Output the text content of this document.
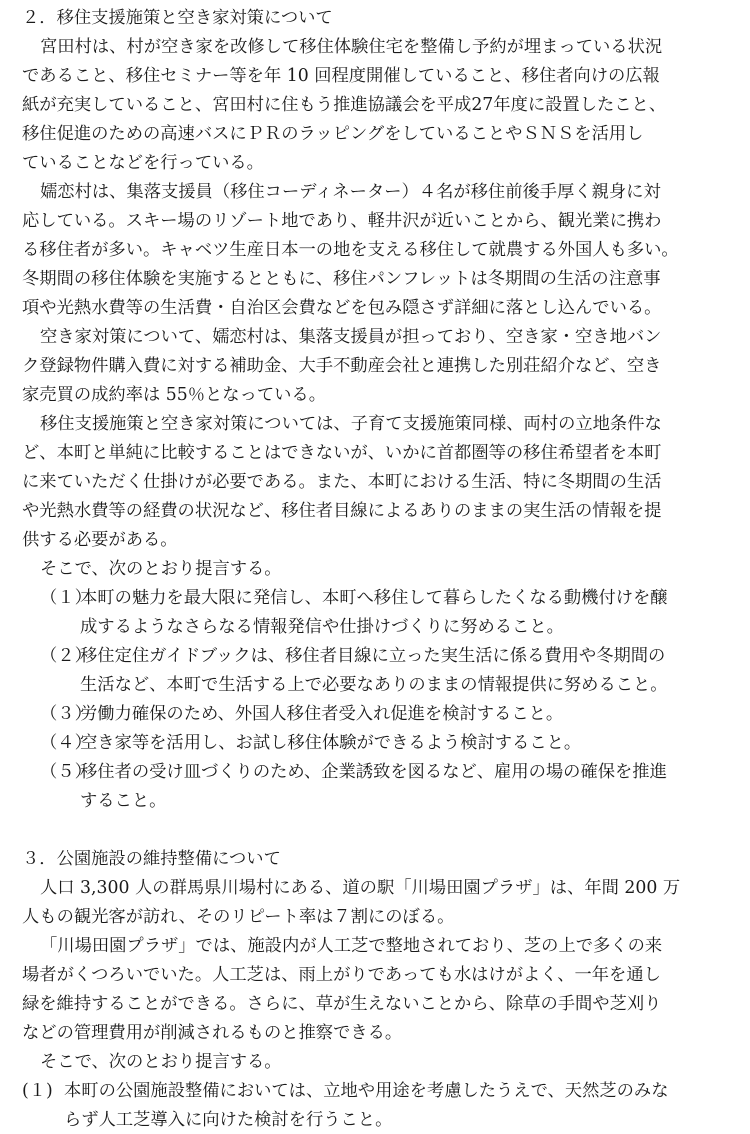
２．移住支援施策と空き家対策について
宮田村は、村が空き家を改修して移住体験住宅を整備し予約が埋まっている状況
であること、移住セミナー等を年 10 回程度開催していること、移住者向けの広報
紙が充実していること、宮田村に住もう推進協議会を平成27年度に設置したこと、
移住促進のための高速バスにＰＲのラッピングをしていることやＳＮＳを活用し
ていることなどを行っている。
嬬恋村は、集落支援員（移住コーディネーター）４名が移住前後手厚く親身に対
応している。スキー場のリゾート地であり、軽井沢が近いことから、観光業に携わ
る移住者が多い。キャベツ生産日本一の地を支える移住して就農する外国人も多い。
冬期間の移住体験を実施するとともに、移住パンフレットは冬期間の生活の注意事
項や光熱水費等の生活費・自治区会費などを包み隠さず詳細に落とし込んでいる。
空き家対策について、嬬恋村は、集落支援員が担っており、空き家・空き地バン
ク登録物件購入費に対する補助金、大手不動産会社と連携した別荘紹介など、空き
家売買の成約率は 55％となっている。
移住支援施策と空き家対策については、子育て支援施策同様、両村の立地条件な
ど、本町と単純に比較することはできないが、いかに首都圏等の移住希望者を本町
に来ていただく仕掛けが必要である。また、本町における生活、特に冬期間の生活
や光熱水費等の経費の状況など、移住者目線によるありのままの実生活の情報を提
供する必要がある。
そこで、次のとおり提言する。
（１）
本町の魅力を最大限に発信し、本町へ移住して暮らしたくなる動機付けを醸
成するようなさらなる情報発信や仕掛けづくりに努めること。
（２）
移住定住ガイドブックは、移住者目線に立った実生活に係る費用や冬期間の
生活など、本町で生活する上で必要なありのままの情報提供に努めること。
（３）
労働力確保のため、外国人移住者受入れ促進を検討すること。
（４）
空き家等を活用し、お試し移住体験ができるよう検討すること。
（５）
移住者の受け皿づくりのため、企業誘致を図るなど、雇用の場の確保を推進
すること。
３．公園施設の維持整備について
人口 3,300 人の群馬県川場村にある、道の駅「川場田園プラザ」は、年間 200 万
人もの観光客が訪れ、そのリピート率は７割にのぼる。
「川場田園プラザ」では、施設内が人工芝で整地されており、芝の上で多くの来
場者がくつろいでいた。人工芝は、雨上がりであっても水はけがよく、一年を通し
緑を維持することができる。さらに、草が生えないことから、除草の手間や芝刈り
などの管理費用が削減されるものと推察できる。
そこで、次のとおり提言する。
(１) 本町の公園施設整備においては、立地や用途を考慮したうえで、天然芝のみな
らず人工芝導入に向けた検討を行うこと。
